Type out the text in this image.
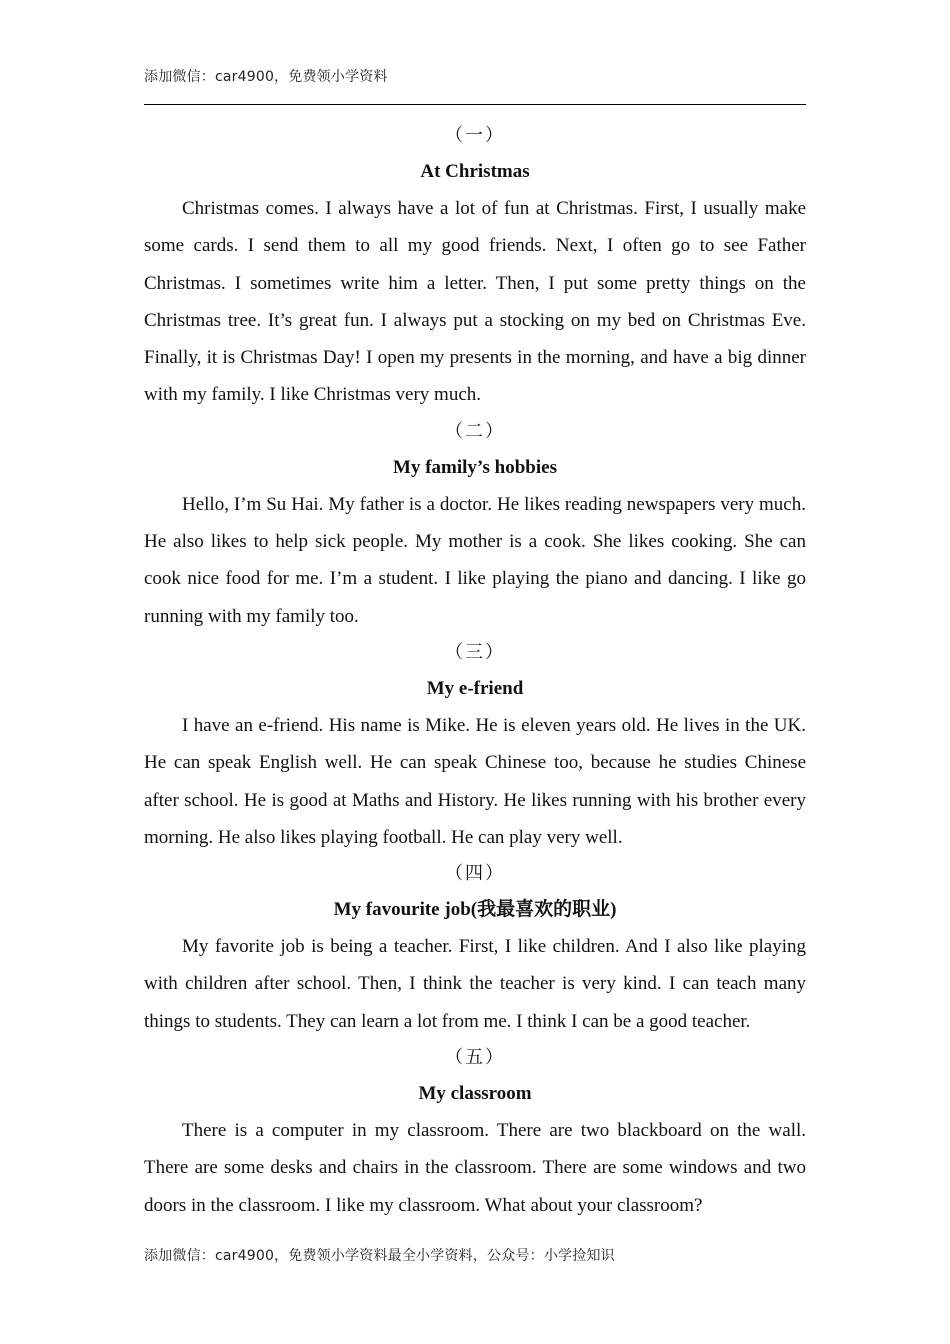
添加微信：car4900，免费领小学资料
（一）
At Christmas

Christmas comes. I always have a lot of fun at Christmas. First, I usually make some cards. I send them to all my good friends. Next, I often go to see Father Christmas. I sometimes write him a letter. Then, I put some pretty things on the Christmas tree. It’s great fun. I always put a stocking on my bed on Christmas Eve. Finally, it is Christmas Day! I open my presents in the morning, and have a big dinner with my family. I like Christmas very much.

（二）
My family’s hobbies

Hello, I’m Su Hai. My father is a doctor. He likes reading newspapers very much. He also likes to help sick people. My mother is a cook. She likes cooking. She can cook nice food for me. I’m a student. I like playing the piano and dancing. I like go running with my family too.

（三）
My e-friend

I have an e-friend. His name is Mike. He is eleven years old. He lives in the UK. He can speak English well. He can speak Chinese too, because he studies Chinese after school. He is good at Maths and History. He likes running with his brother every morning. He also likes playing football. He can play very well.

（四）
My favourite job(我最喜欢的职业)

My favorite job is being a teacher. First, I like children. And I also like playing with children after school. Then, I think the teacher is very kind. I can teach many things to students. They can learn a lot from me. I think I can be a good teacher.

（五）
My classroom

There is a computer in my classroom. There are two blackboard on the wall. There are some desks and chairs in the classroom. There are some windows and two doors in the classroom. I like my classroom. What about your classroom?

添加微信：car4900，免费领小学资料最全小学资料，公众号：小学捡知识
